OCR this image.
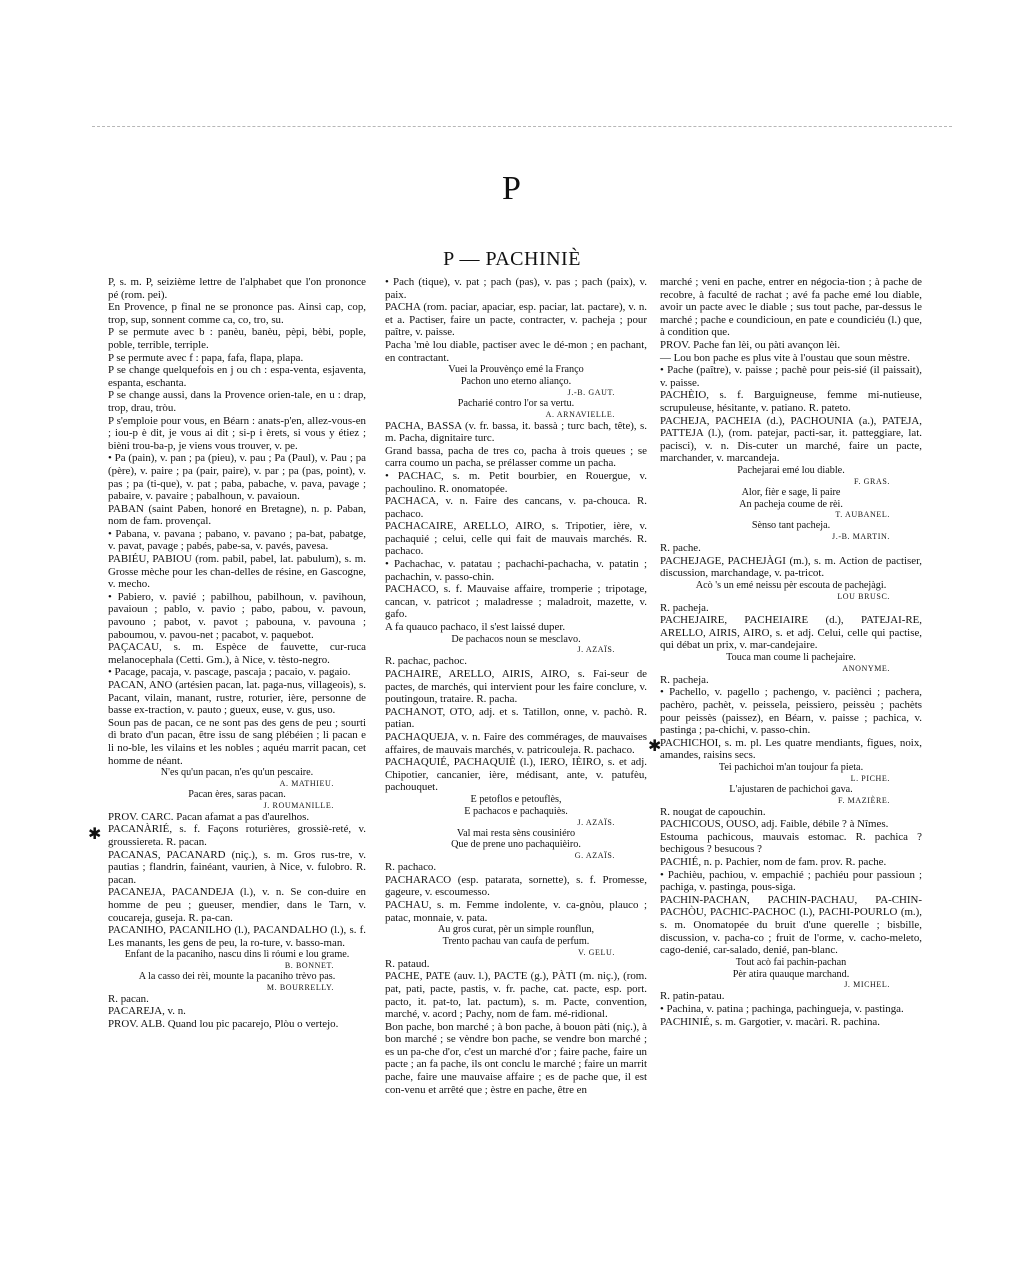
P
P — PACHINIÈ

P, s. m. P, seizième lettre de l'alphabet que l'on prononce pé (rom. pei).

En Provence, p final ne se prononce pas. Ainsi cap, cop, trop, sup, sonnent comme ca, co, tro, su.

P se permute avec b : panèu, banèu, pèpi, bèbi, pople, poble, terrible, terriple.

P se permute avec f : papa, fafa, flapa, plapa.

P se change quelquefois en j ou ch : espa-venta, esjaventa, espanta, eschanta.

P se change aussi, dans la Provence orien-tale, en u : drap, trop, drau, tròu.

P s'emploie pour vous, en Béarn : anats-p'en, allez-vous-en ; iou-p è dit, je vous ai dit ; si-p i èrets, si vous y étiez ; bièni trou-ba-p, je viens vous trouver, v. pe.

• Pa (pain), v. pan ; pa (pieu), v. pau ; Pa (Paul), v. Pau ; pa (père), v. paire ; pa (pair, paire), v. par ; pa (pas, point), v. pas ; pa (ti-que), v. pat ; paba, pabache, v. pava, pavage ; pabaire, v. pavaire ; pabalhoun, v. pavaioun.

PABAN (saint Paben, honoré en Bretagne), n. p. Paban, nom de fam. provençal.

• Pabana, v. pavana ; pabano, v. pavano ; pa-bat, pabatge, v. pavat, pavage ; pabés, pabe-sa, v. pavés, pavesa.

PABIÉU, PABIOU (rom. pabil, pabel, lat. pabulum), s. m. Grosse mèche pour les chan-delles de résine, en Gascogne, v. mecho.

• Pabiero, v. pavié ; pabilhou, pabilhoun, v. pavihoun, pavaioun ; pablo, v. pavio ; pabo, pabou, v. pavoun, pavouno ; pabot, v. pavot ; pabouna, v. pavouna ; paboumou, v. pavou-net ; pacabot, v. paquebot.

PAÇACAU, s. m. Espèce de fauvette, cur-ruca melanocephala (Cetti. Gm.), à Nice, v. tèsto-negro.

• Pacage, pacaja, v. pascage, pascaja ; pacaio, v. pagaio.

PACAN, ANO (artésien pacan, lat. paga-nus, villageois), s. Pacant, vilain, manant, rustre, roturier, ière, personne de basse ex-traction, v. pauto ; gueux, euse, v. gus, uso.

Soun pas de pacan, ce ne sont pas des gens de peu ; sourti dì brato d'un pacan, être issu de sang plébéien ; li pacan e li no-ble, les vilains et les nobles ; aquéu marrit pacan, cet homme de néant.

N'es qu'un pacan, n'es qu'un pescaire.

A. MATHIEU.

Pacan ères, saras pacan.

J. ROUMANILLE.

PROV. CARC. Pacan afamat a pas d'aurelhos.

PACANÀRIÉ, s. f. Façons roturières, grossiè-reté, v. groussiereta. R. pacan.

PACANAS, PACANARD (niç.), s. m. Gros rus-tre, v. pautias ; flandrin, fainéant, vaurien, à Nice, v. fulobro. R. pacan.

PACANEJA, PACANDEJA (l.), v. n. Se con-duire en homme de peu ; gueuser, mendier, dans le Tarn, v. coucareja, guseja. R. pa-can.

PACANIHO, PACANILHO (l.), PACANDALHO (l.), s. f. Les manants, les gens de peu, la ro-ture, v. basso-man.

Enfant de la pacaniho, nascu dins lì róumi e lou grame.

B. BONNET.

A la casso dei rèi, mounte la pacaniho trèvo pas.

M. BOURRELLY.

R. pacan.

PACAREJA, v. n.

PROV. ALB. Quand lou pic pacarejo, Plòu o vertejo.

• Pach (tique), v. pat ; pach (pas), v. pas ; pach (paix), v. paix.

PACHA (rom. paciar, apaciar, esp. paciar, lat. pactare), v. n. et a. Pactiser, faire un pacte, contracter, v. pacheja ; pour paître, v. paisse.

Pacha 'mè lou diable, pactiser avec le dé-mon ; en pachant, en contractant.

Vuei la Prouvènço emé la Franço

Pachon uno eterno alianço.

J.-B. GAUT.

Pacharié contro l'or sa vertu.

A. ARNAVIELLE.

PACHA, BASSA (v. fr. bassa, it. bassà ; turc bach, tête), s. m. Pacha, dignitaire turc.

Grand bassa, pacha de tres co, pacha à trois queues ; se carra coumo un pacha, se prélasser comme un pacha.

• PACHAC, s. m. Petit bourbier, en Rouergue, v. pachoulino. R. onomatopée.

PACHACA, v. n. Faire des cancans, v. pa-chouca. R. pachaco.

PACHACAIRE, ARELLO, AIRO, s. Tripotier, ière, v. pachaquié ; celui, celle qui fait de mauvais marchés. R. pachaco.

• Pachachac, v. patatau ; pachachi-pachacha, v. patatin ; pachachin, v. passo-chin.

PACHACO, s. f. Mauvaise affaire, tromperie ; tripotage, cancan, v. patricot ; maladresse ; maladroit, mazette, v. gafo.

A fa quauco pachaco, il s'est laissé duper.

De pachacos noun se mesclavo.

J. AZAÏS.

R. pachac, pachoc.

PACHAIRE, ARELLO, AIRIS, AIRO, s. Fai-seur de pactes, de marchés, qui intervient pour les faire conclure, v. poutingoun, trataire. R. pacha.

PACHANOT, OTO, adj. et s. Tatillon, onne, v. pachò. R. patian.

PACHAQUEJA, v. n. Faire des commérages, de mauvaises affaires, de mauvais marchés, v. patricouleja. R. pachaco.

PACHAQUIÉ, PACHAQUIÈ (l.), IERO, IÈIRO, s. et adj. Chipotier, cancanier, ière, médisant, ante, v. patufèu, pachouquet.

E petoflos e petouflès,

E pachacos e pachaquiès.

J. AZAÏS.

Val mai resta sèns cousiniéro

Que de prene uno pachaquièiro.

G. AZAÏS.

R. pachaco.

PACHARACO (esp. patarata, sornette), s. f. Promesse, gageure, v. escoumesso.

PACHAU, s. m. Femme indolente, v. ca-gnòu, plauco ; patac, monnaie, v. pata.

Au gros curat, pèr un simple rounflun,

Trento pachau van caufa de perfum.

V. GELU.

R. pataud.

PACHE, PATE (auv. l.), PACTE (g.), PÀTI (m. niç.), (rom. pat, pati, pacte, pastis, v. fr. pache, cat. pacte, esp. port. pacto, it. pat-to, lat. pactum), s. m. Pacte, convention, marché, v. acord ; Pachy, nom de fam. mé-ridional.

Bon pache, bon marché ; à bon pache, à bouon pàti (niç.), à bon marché ; se vèndre bon pache, se vendre bon marché ; es un pa-che d'or, c'est un marché d'or ; faire pache, faire un pacte ; an fa pache, ils ont conclu le marché ; faire un marrit pache, faire une mauvaise affaire ; es de pache que, il est con-venu et arrêté que ; èstre en pache, être en

marché ; veni en pache, entrer en négocia-tion ; à pache de recobre, à faculté de rachat ; avé fa pache emé lou diable, avoir un pacte avec le diable ; sus tout pache, par-dessus le marché ; pache e coundicioun, en pate e coundiciéu (l.) que, à condition que.

PROV. Pache fan lèi, ou pàti avançon lèi.

— Lou bon pache es plus vite à l'oustau que soun mèstre.

• Pache (paître), v. paisse ; pachè pour peis-sié (il paissait), v. paisse.

PACHÈIO, s. f. Barguigneuse, femme mi-nutieuse, scrupuleuse, hésitante, v. patiano. R. pateto.

PACHEJA, PACHEIA (d.), PACHOUNIA (a.), PATEJA, PATTEJA (l.), (rom. patejar, pacti-sar, it. patteggiare, lat. pacisci), v. n. Dis-cuter un marché, faire un pacte, marchander, v. marcandeja.

Pachejarai emé lou diable.

F. GRAS.

Alor, fièr e sage, li paire

An pacheja coume de rèi.

T. AUBANEL.

Sènso tant pacheja.

J.-B. MARTIN.

R. pache.

PACHEJAGE, PACHEJÀGI (m.), s. m. Action de pactiser, discussion, marchandage, v. pa-tricot.

Acò 's un emé neissu pèr escouta de pachejàgi.

LOU BRUSC.

R. pacheja.

PACHEJAIRE, PACHEIAIRE (d.), PATEJAI-RE, ARELLO, AIRIS, AIRO, s. et adj. Celui, celle qui pactise, qui débat un prix, v. mar-candejaire.

Touca man coume li pachejaire.

ANONYME.

R. pacheja.

• Pachello, v. pagello ; pachengo, v. paciènci ; pachera, pachèro, pachèt, v. peissela, peissiero, peissèu ; pachèts pour peissès (paissez), en Béarn, v. paisse ; pachica, v. pastinga ; pa-chichi, v. passo-chin.

PACHICHOI, s. m. pl. Les quatre mendiants, figues, noix, amandes, raisins secs.

Tei pachichoi m'an toujour fa pieta.

L. PICHE.

L'ajustaren de pachichoi gava.

F. MAZIÈRE.

R. nougat de capouchin.

PACHICOUS, OUSO, adj. Faible, débile ? à Nîmes.

Estouma pachicous, mauvais estomac. R. pachica ? bechigous ? besucous ?

PACHIÉ, n. p. Pachier, nom de fam. prov. R. pache.

• Pachièu, pachiou, v. empachié ; pachiéu pour passioun ; pachiga, v. pastinga, pous-siga.

PACHIN-PACHAN, PACHIN-PACHAU, PA-CHIN-PACHÒU, PACHIC-PACHOC (l.), PACHI-POURLO (m.), s. m. Onomatopée du bruit d'une querelle ; bisbille, discussion, v. pacha-co ; fruit de l'orme, v. cacho-meleto, cago-denié, car-salado, denié, pan-blanc.

Tout acò fai pachin-pachan

Pèr atira quauque marchand.

J. MICHEL.

R. patin-patau.

• Pachina, v. patina ; pachinga, pachingueja, v. pastinga.

PACHINIÉ, s. m. Gargotier, v. macàri. R. pachina.

✱
✱
